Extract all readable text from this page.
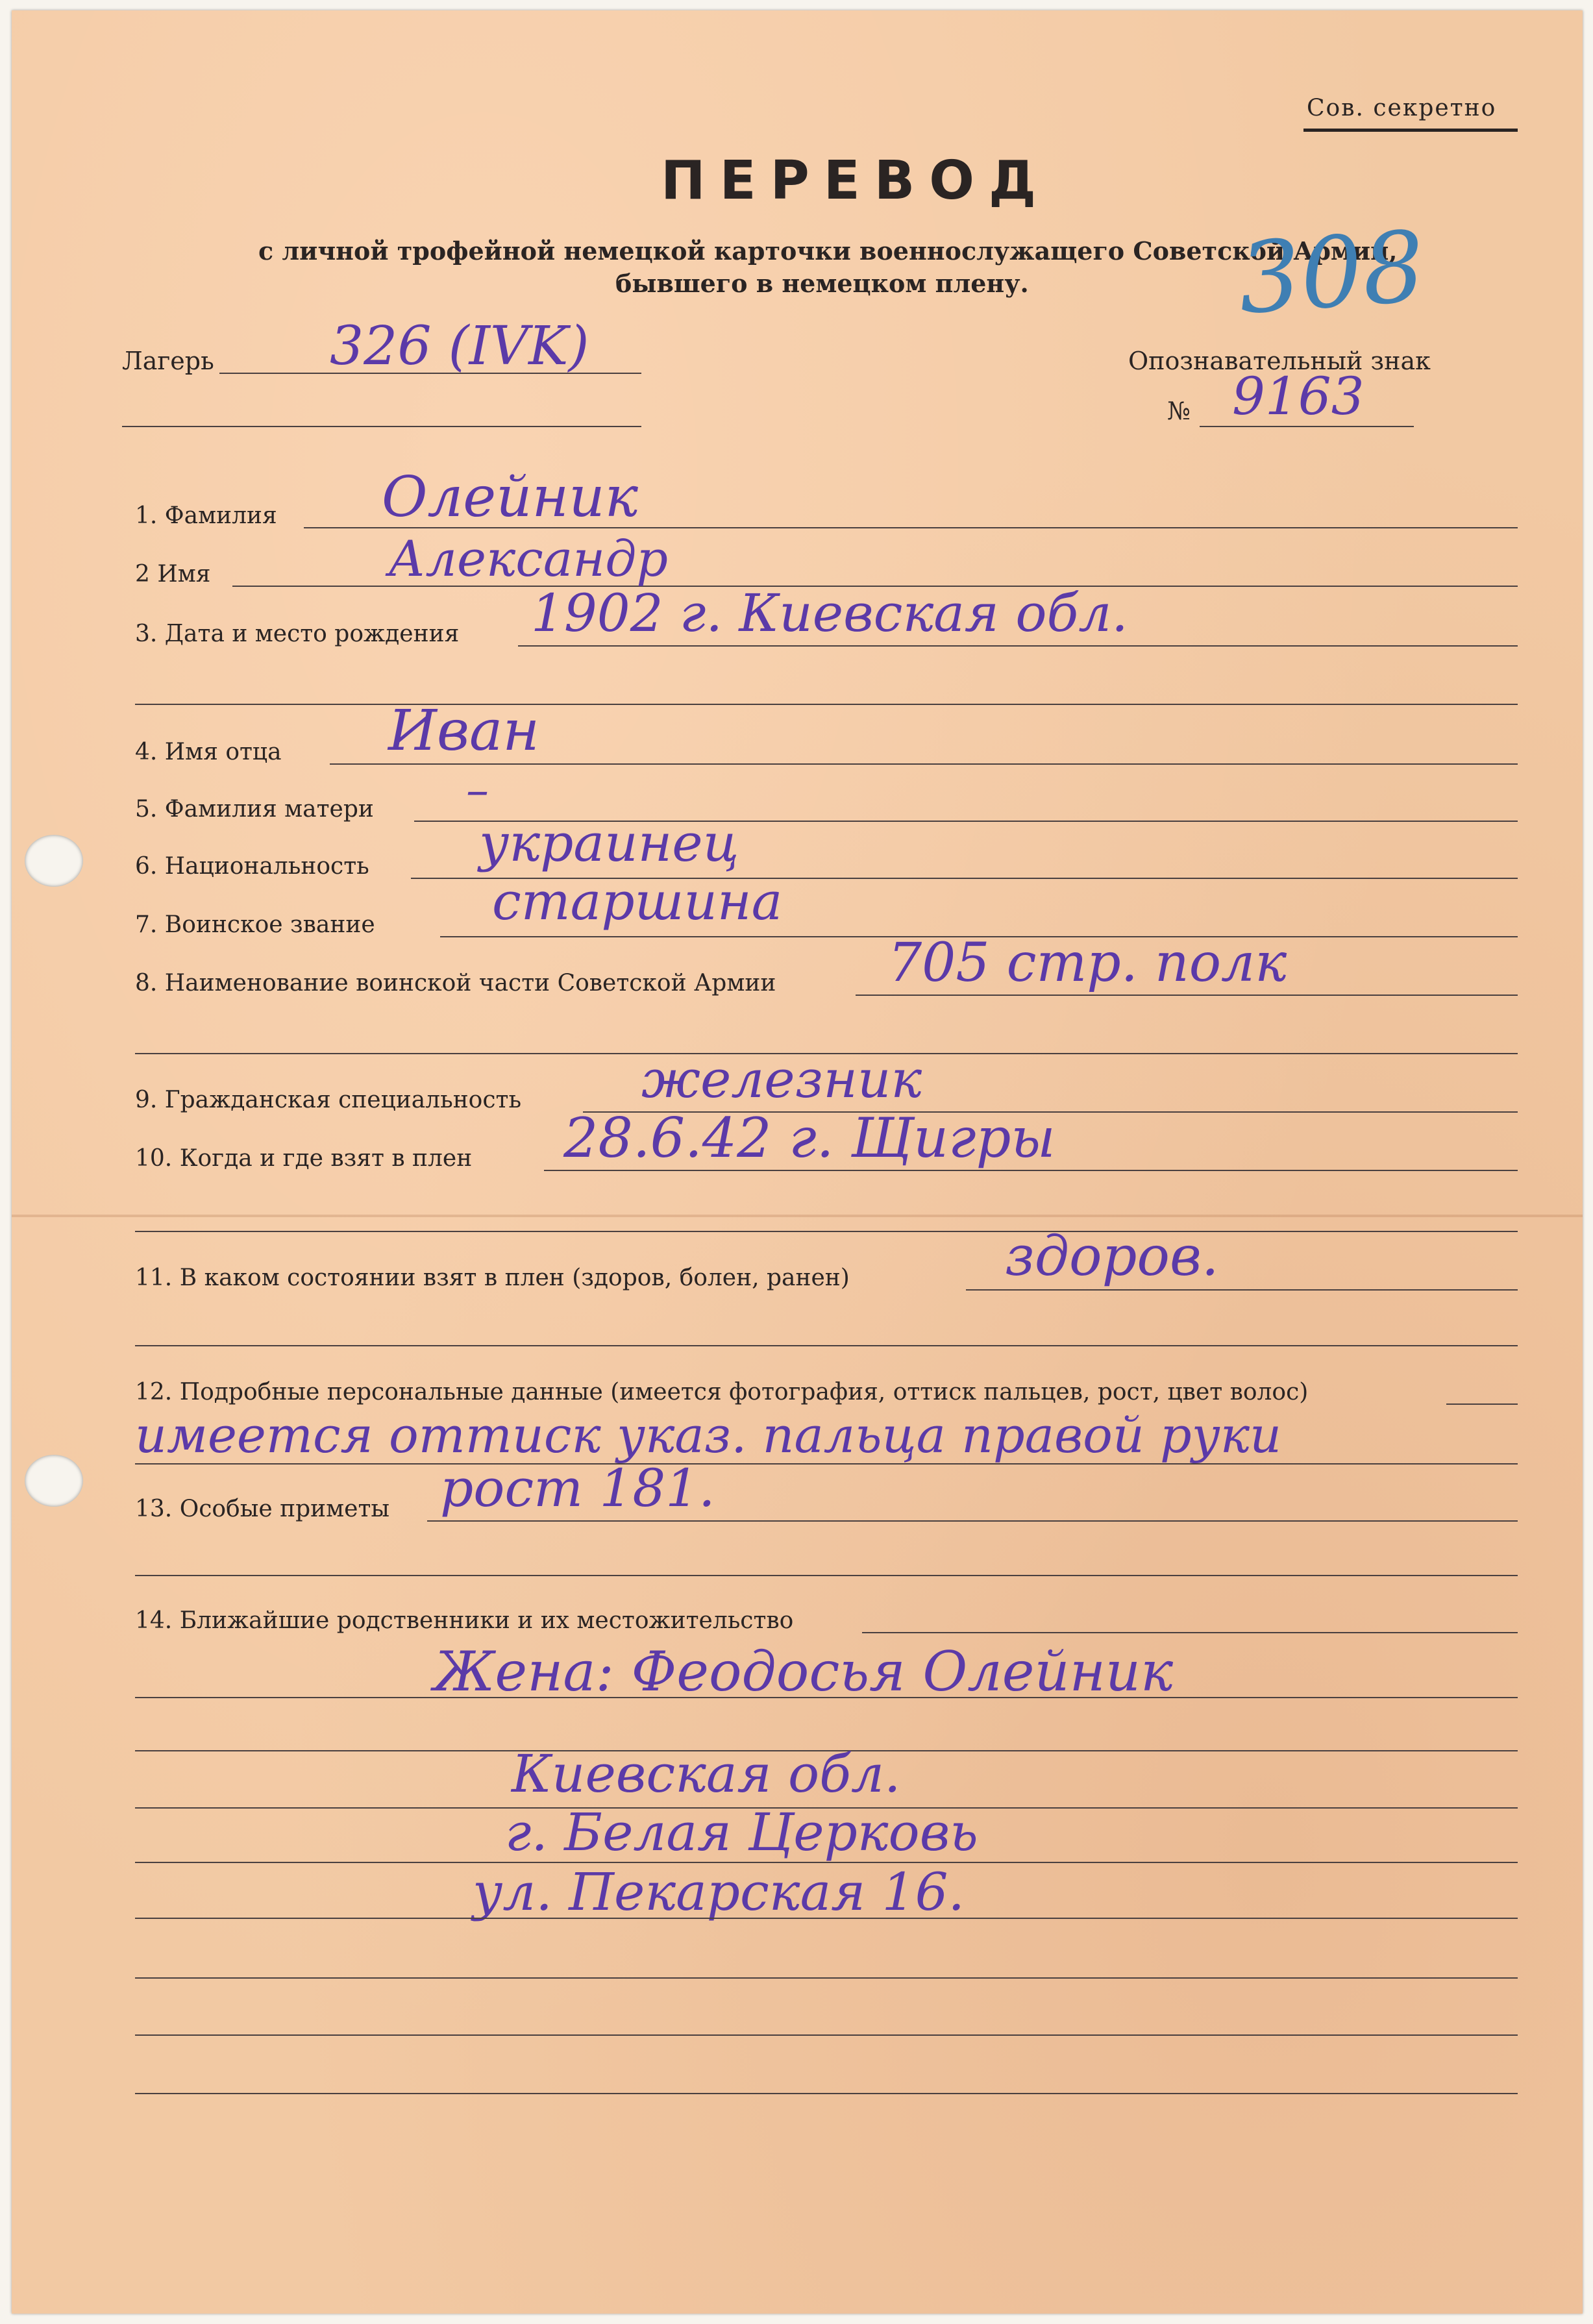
Сов. секретно
ПЕРЕВОД
с личной трофейной немецкой карточки военнослужащего Советской Армии,
бывшего в немецком плену. 308
Лагерь 326 (IVK)	Опознавательный знак
№ 9163
1. Фамилия Олейник
2 Имя	Александр
3. Дата и место рождения 1902 г. Киевская обл.
4. Имя отца Иван
5. Фамилия матери –
6. Национальность украинец
7. Воинское звание старшина
8. Наименование воинской части Советской Армии 705 стр. полк
9. Гражданская специальность железник
10. Когда и где взят в плен 28.6.42 г. Щигры
11. В каком состоянии взят в плен (здоров, болен, ранен)	здоров.
12. Подробные персональные данные (имеется фотография, оттиск пальцев, рост, цвет волос)
имеется оттиск указ. пальца правой руки
13. Особые приметы рост 181.
14. Ближайшие родственники и их местожительство
Жена: Феодосья Олейник
Киевская обл.
г. Белая Церковь
ул. Пекарская 16.
